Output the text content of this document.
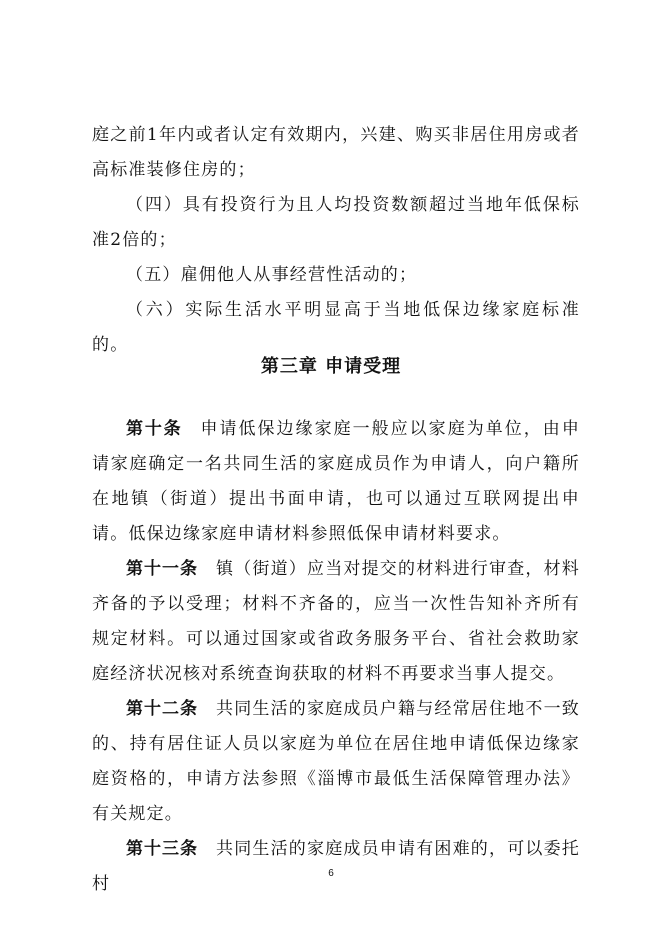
庭之前1年内或者认定有效期内，兴建、购买非居住用房或者高标准装修住房的；

（四）具有投资行为且人均投资数额超过当地年低保标准2倍的；

（五）雇佣他人从事经营性活动的；

（六）实际生活水平明显高于当地低保边缘家庭标准的。

第三章 申请受理

第十条 申请低保边缘家庭一般应以家庭为单位，由申请家庭确定一名共同生活的家庭成员作为申请人，向户籍所在地镇（街道）提出书面申请，也可以通过互联网提出申请。低保边缘家庭申请材料参照低保申请材料要求。

第十一条 镇（街道）应当对提交的材料进行审查，材料齐备的予以受理；材料不齐备的，应当一次性告知补齐所有规定材料。可以通过国家或省政务服务平台、省社会救助家庭经济状况核对系统查询获取的材料不再要求当事人提交。

第十二条 共同生活的家庭成员户籍与经常居住地不一致的、持有居住证人员以家庭为单位在居住地申请低保边缘家庭资格的，申请方法参照《淄博市最低生活保障管理办法》有关规定。

第十三条 共同生活的家庭成员申请有困难的，可以委托村

6
